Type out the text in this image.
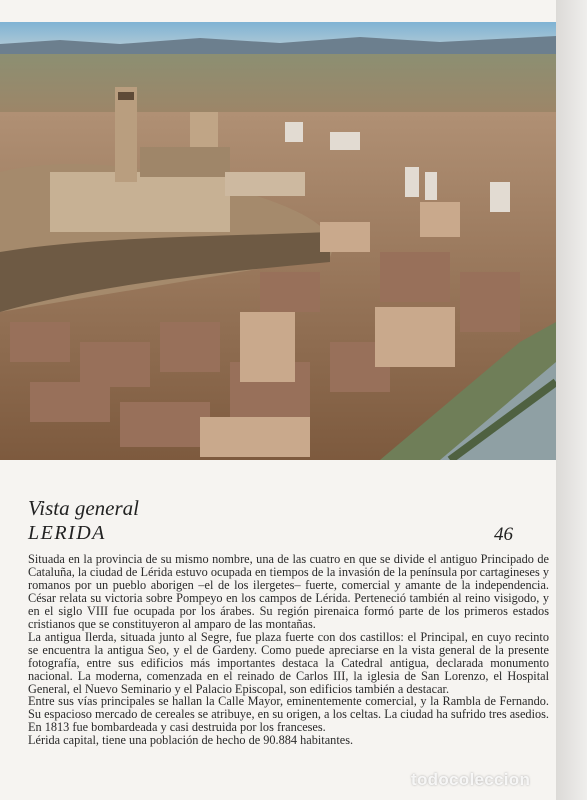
Vista general
LERIDA	46

Situada en la provincia de su mismo nombre, una de las cuatro en que se divide el antiguo Principado de Cataluña, la ciudad de Lérida estuvo ocupada en tiempos de la invasión de la península por cartagineses y romanos por un pueblo aborigen –el de los ilergetes– fuerte, comercial y amante de la independencia. César relata su victoria sobre Pompeyo en los campos de Lérida. Perteneció también al reino visigodo, y en el siglo VIII fue ocupada por los árabes. Su región pirenaica formó parte de los primeros estados cristianos que se constituyeron al amparo de las montañas.

La antigua Ilerda, situada junto al Segre, fue plaza fuerte con dos castillos: el Principal, en cuyo recinto se encuentra la antigua Seo, y el de Gardeny. Como puede apreciarse en la vista general de la presente fotografía, entre sus edificios más importantes destaca la Catedral antigua, declarada monumento nacional. La moderna, comenzada en el reinado de Carlos III, la iglesia de San Lorenzo, el Hospital General, el Nuevo Seminario y el Palacio Episcopal, son edificios también a destacar.

Entre sus vías principales se hallan la Calle Mayor, eminentemente comercial, y la Rambla de Fernando. Su espacioso mercado de cereales se atribuye, en su origen, a los celtas. La ciudad ha sufrido tres asedios. En 1813 fue bombardeada y casi destruida por los franceses.

Lérida capital, tiene una población de hecho de 90.884 habitantes.

todocoleccion
